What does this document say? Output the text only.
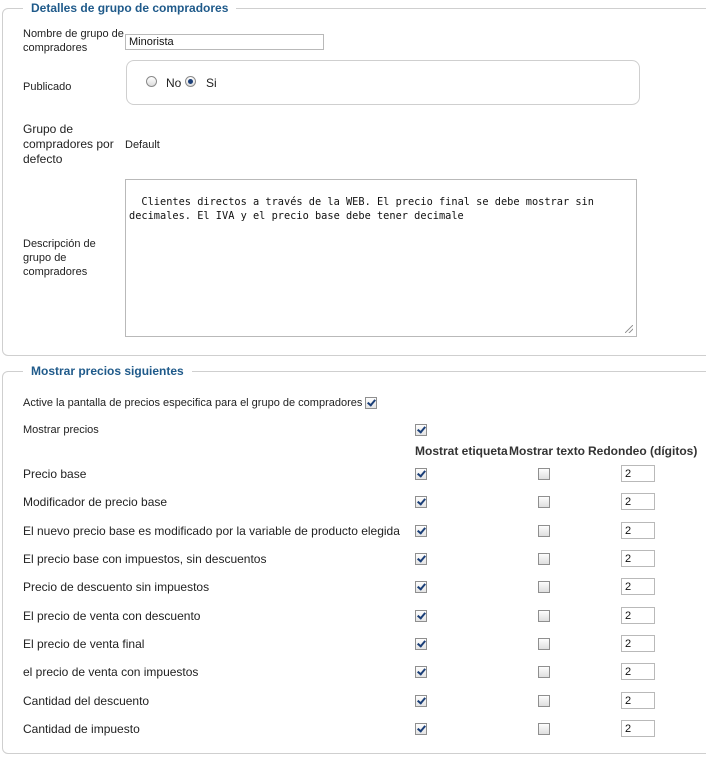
Detalles de grupo de compradores
Nombre de grupo de compradores
Minorista
Publicado	No Si
Grupo de compradores por defecto
Default
Descripción de grupo de compradores

Clientes directos a través de la WEB. El precio final se debe mostrar sin decimales. El IVA y el precio base debe tener decimale

Mostrar precios siguientes
Active la pantalla de precios especifica para el grupo de compradores
Mostrar precios
Mostrat etiqueta Mostrar texto Redondeo (dígitos)
Precio base
2
Modificador de precio base
2
El nuevo precio base es modificado por la variable de producto elegida
2
El precio base con impuestos, sin descuentos
2
Precio de descuento sin impuestos
2
El precio de venta con descuento
2
El precio de venta final
2
el precio de venta con impuestos
2
Cantidad del descuento
2
Cantidad de impuesto
2
